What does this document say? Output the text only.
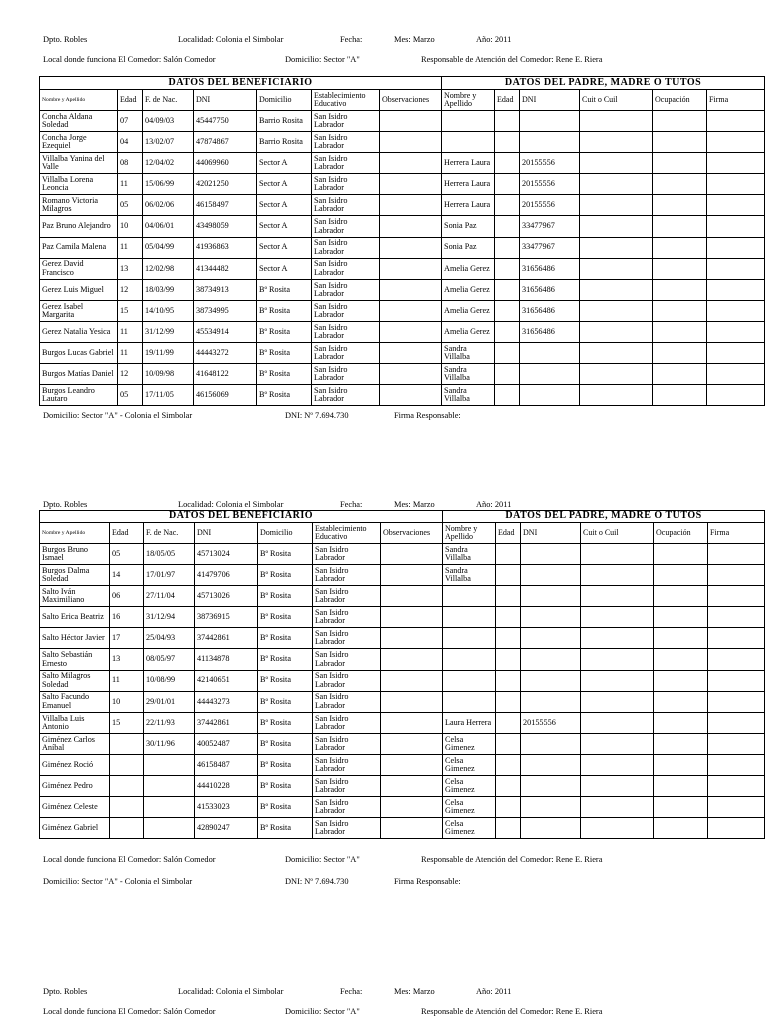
Dpto. Robles	Localidad: Colonia el Simbolar	Fecha:	Mes: Marzo	Año: 2011
Local donde funciona El Comedor: Salón Comedor	Domicilio: Sector "A"	Responsable de Atención del Comedor: Rene E. Riera
DATOS DEL BENEFICIARIO							DATOS DEL PADRE, MADRE O TUTOS					
Nombre y Apellido	Edad	F. de Nac.	DNI	Domicilio	Establecimiento Educativo	Observaciones	Nombre y Apellido	Edad	DNI	Cuit o Cuil	Ocupación	Firma
Concha Aldana Soledad	07	04/09/03	45447750	Barrio Rosita	San Isidro Labrador							
Concha Jorge Ezequiel	04	13/02/07	47874867	Barrio Rosita	San Isidro Labrador							
Villalba Yanina del Valle	08	12/04/02	44069960	Sector A	San Isidro Labrador		Herrera Laura		20155556			
Villalba Lorena Leoncia	11	15/06/99	42021250	Sector A	San Isidro Labrador		Herrera Laura		20155556			
Romano Victoria Milagros	05	06/02/06	46158497	Sector A	San Isidro Labrador		Herrera Laura		20155556			
Paz Bruno Alejandro	10	04/06/01	43498059	Sector A	San Isidro Labrador		Sonia Paz		33477967			
Paz Camila Malena	11	05/04/99	41936863	Sector A	San Isidro Labrador		Sonia Paz		33477967			
Gerez David Francisco	13	12/02/98	41344482	Sector A	San Isidro Labrador		Amelia Gerez		31656486			
Gerez Luis Miguel	12	18/03/99	38734913	Bº Rosita	San Isidro Labrador		Amelia Gerez		31656486			
Gerez Isabel Margarita	15	14/10/95	38734995	Bº Rosita	San Isidro Labrador		Amelia Gerez		31656486			
Gerez Natalia Yesica	11	31/12/99	45534914	Bº Rosita	San Isidro Labrador		Amelia Gerez		31656486			
Burgos Lucas Gabriel	11	19/11/99	44443272	Bº Rosita	San Isidro Labrador		Sandra Villalba					
Burgos Matías Daniel	12	10/09/98	41648122	Bº Rosita	San Isidro Labrador		Sandra Villalba					
Burgos Leandro Lautaro	05	17/11/05	46156069	Bº Rosita	San Isidro Labrador		Sandra Villalba					
Domicilio: Sector "A" - Colonia el Simbolar	DNI: Nº 7.694.730	Firma Responsable:
Dpto. Robles	Localidad: Colonia el Simbolar	Fecha:	Mes: Marzo	Año: 2011
DATOS DEL BENEFICIARIO							DATOS DEL PADRE, MADRE O TUTOS					
Nombre y Apellido	Edad	F. de Nac.	DNI	Domicilio	Establecimiento Educativo	Observaciones	Nombre y Apellido	Edad	DNI	Cuit o Cuil	Ocupación	Firma
Burgos Bruno Ismael	05	18/05/05	45713024	Bº Rosita	San Isidro Labrador		Sandra Villalba					
Burgos Dalma Soledad	14	17/01/97	41479706	Bº Rosita	San Isidro Labrador		Sandra Villalba					
Salto Iván Maximiliano	06	27/11/04	45713026	Bº Rosita	San Isidro Labrador							
Salto Erica Beatriz	16	31/12/94	38736915	Bº Rosita	San Isidro Labrador							
Salto Héctor Javier	17	25/04/93	37442861	Bº Rosita	San Isidro Labrador							
Salto Sebastián Ernesto	13	08/05/97	41134878	Bº Rosita	San Isidro Labrador							
Salto Milagros Soledad	11	10/08/99	42140651	Bº Rosita	San Isidro Labrador							
Salto Facundo Emanuel	10	29/01/01	44443273	Bº Rosita	San Isidro Labrador							
Villalba Luis Antonio	15	22/11/93	37442861	Bº Rosita	San Isidro Labrador		Laura Herrera		20155556			
Giménez Carlos Aníbal		30/11/96	40052487	Bº Rosita	San Isidro Labrador		Celsa Gimenez					
Giménez Roció			46158487	Bº Rosita	San Isidro Labrador		Celsa Gimenez					
Giménez Pedro			44410228	Bº Rosita	San Isidro Labrador		Celsa Gimenez					
Giménez Celeste			41533023	Bº Rosita	San Isidro Labrador		Celsa Gimenez					
Giménez Gabriel			42890247	Bº Rosita	San Isidro Labrador		Celsa Gimenez					
Local donde funciona El Comedor: Salón Comedor	Domicilio: Sector "A"	Responsable de Atención del Comedor: Rene E. Riera
Domicilio: Sector "A" - Colonia el Simbolar	DNI: Nº 7.694.730	Firma Responsable:
Dpto. Robles	Localidad: Colonia el Simbolar	Fecha:	Mes: Marzo	Año: 2011
Local donde funciona El Comedor: Salón Comedor	Domicilio: Sector "A"	Responsable de Atención del Comedor: Rene E. Riera
